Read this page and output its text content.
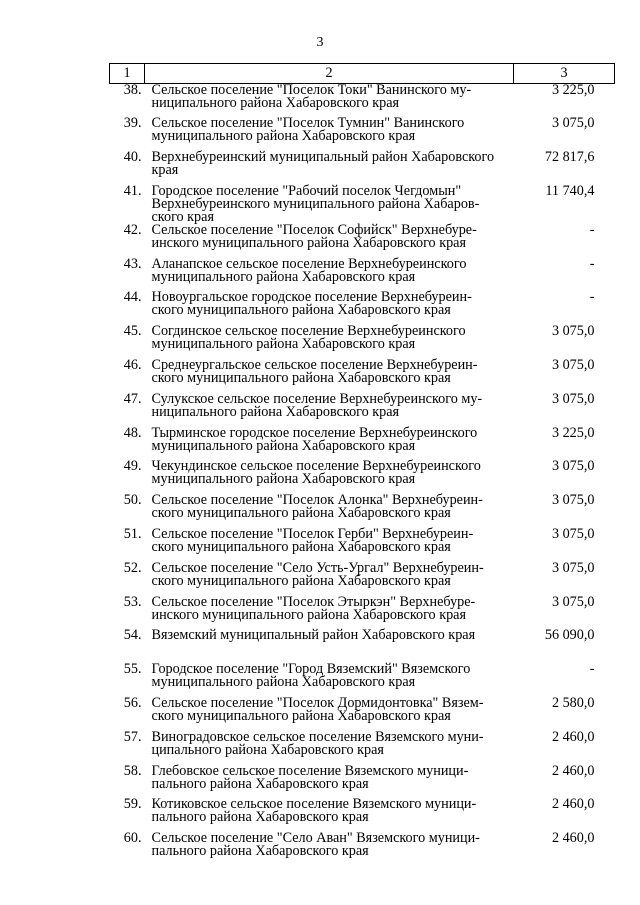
3
1	2	3
38.	Сельское поселение "Поселок Токи" Ванинского му-
ниципального района Хабаровского края	3 225,0
39.	Сельское поселение "Поселок Тумнин" Ванинского
муниципального района Хабаровского края	3 075,0
40.	Верхнебуреинский муниципальный район Хабаровского
края	72 817,6
41.	Городское поселение "Рабочий поселок Чегдомын"
Верхнебуреинского муниципального района Хабаров-
ского края	11 740,4
42.	Сельское поселение "Поселок Софийск" Верхнебуре-
инского муниципального района Хабаровского края	-
43.	Аланапское сельское поселение Верхнебуреинского
муниципального района Хабаровского края	-
44.	Новоургальское городское поселение Верхнебуреин-
ского муниципального района Хабаровского края	-
45.	Согдинское сельское поселение Верхнебуреинского
муниципального района Хабаровского края	3 075,0
46.	Среднеургальское сельское поселение Верхнебуреин-
ского муниципального района Хабаровского края	3 075,0
47.	Сулукское сельское поселение Верхнебуреинского му-
ниципального района Хабаровского края	3 075,0
48.	Тырминское городское поселение Верхнебуреинского
муниципального района Хабаровского края	3 225,0
49.	Чекундинское сельское поселение Верхнебуреинского
муниципального района Хабаровского края	3 075,0
50.	Сельское поселение "Поселок Алонка" Верхнебуреин-
ского муниципального района Хабаровского края	3 075,0
51.	Сельское поселение "Поселок Герби" Верхнебуреин-
ского муниципального района Хабаровского края	3 075,0
52.	Сельское поселение "Село Усть-Ургал" Верхнебуреин-
ского муниципального района Хабаровского края	3 075,0
53.	Сельское поселение "Поселок Этыркэн" Верхнебуре-
инского муниципального района Хабаровского края	3 075,0
54.	Вяземский муниципальный район Хабаровского края	56 090,0
55.	Городское поселение "Город Вяземский" Вяземского
муниципального района Хабаровского края	-
56.	Сельское поселение "Поселок Дормидонтовка" Вязем-
ского муниципального района Хабаровского края	2 580,0
57.	Виноградовское сельское поселение Вяземского муни-
ципального района Хабаровского края	2 460,0
58.	Глебовское сельское поселение Вяземского муници-
пального района Хабаровского края	2 460,0
59.	Котиковское сельское поселение Вяземского муници-
пального района Хабаровского края	2 460,0
60.	Сельское поселение "Село Аван" Вяземского муници-
пального района Хабаровского края	2 460,0
